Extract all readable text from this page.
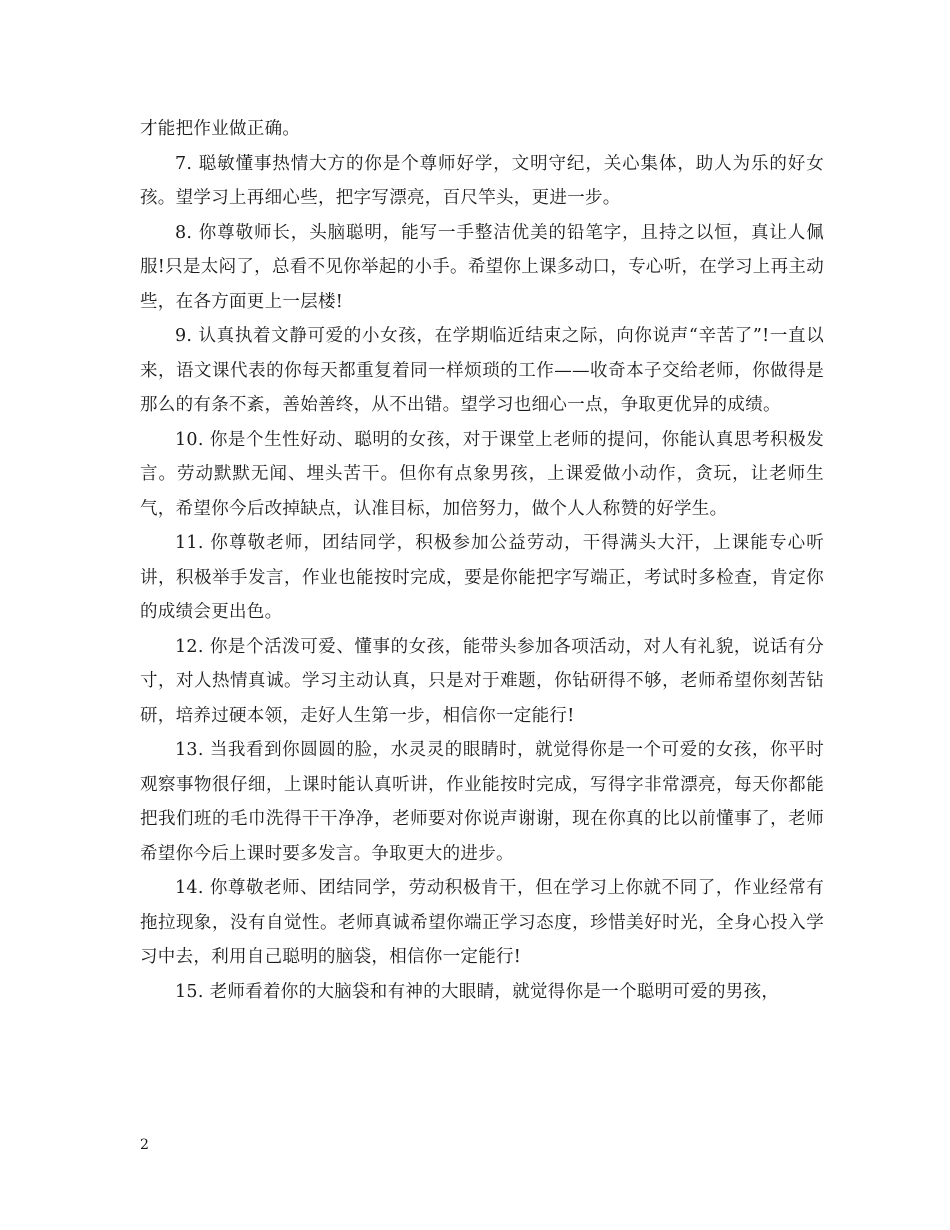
才能把作业做正确。

7. 聪敏懂事热情大方的你是个尊师好学，文明守纪，关心集体，助人为乐的好女孩。望学习上再细心些，把字写漂亮，百尺竿头，更进一步。

8. 你尊敬师长，头脑聪明，能写一手整洁优美的铅笔字，且持之以恒，真让人佩服!只是太闷了，总看不见你举起的小手。希望你上课多动口，专心听，在学习上再主动些，在各方面更上一层楼!

9. 认真执着文静可爱的小女孩，在学期临近结束之际，向你说声“辛苦了”!一直以来，语文课代表的你每天都重复着同一样烦琐的工作——收奇本子交给老师，你做得是那么的有条不紊，善始善终，从不出错。望学习也细心一点，争取更优异的成绩。

10. 你是个生性好动、聪明的女孩，对于课堂上老师的提问，你能认真思考积极发言。劳动默默无闻、埋头苦干。但你有点象男孩，上课爱做小动作，贪玩，让老师生气，希望你今后改掉缺点，认准目标，加倍努力，做个人人称赞的好学生。

11. 你尊敬老师，团结同学，积极参加公益劳动，干得满头大汗，上课能专心听讲，积极举手发言，作业也能按时完成，要是你能把字写端正，考试时多检查，肯定你的成绩会更出色。

12. 你是个活泼可爱、懂事的女孩，能带头参加各项活动，对人有礼貌，说话有分寸，对人热情真诚。学习主动认真，只是对于难题，你钻研得不够，老师希望你刻苦钻研，培养过硬本领，走好人生第一步，相信你一定能行!

13. 当我看到你圆圆的脸，水灵灵的眼睛时，就觉得你是一个可爱的女孩，你平时观察事物很仔细，上课时能认真听讲，作业能按时完成，写得字非常漂亮，每天你都能把我们班的毛巾洗得干干净净，老师要对你说声谢谢，现在你真的比以前懂事了，老师希望你今后上课时要多发言。争取更大的进步。

14. 你尊敬老师、团结同学，劳动积极肯干，但在学习上你就不同了，作业经常有拖拉现象，没有自觉性。老师真诚希望你端正学习态度，珍惜美好时光，全身心投入学习中去，利用自己聪明的脑袋，相信你一定能行!

15. 老师看着你的大脑袋和有神的大眼睛，就觉得你是一个聪明可爱的男孩，

2
